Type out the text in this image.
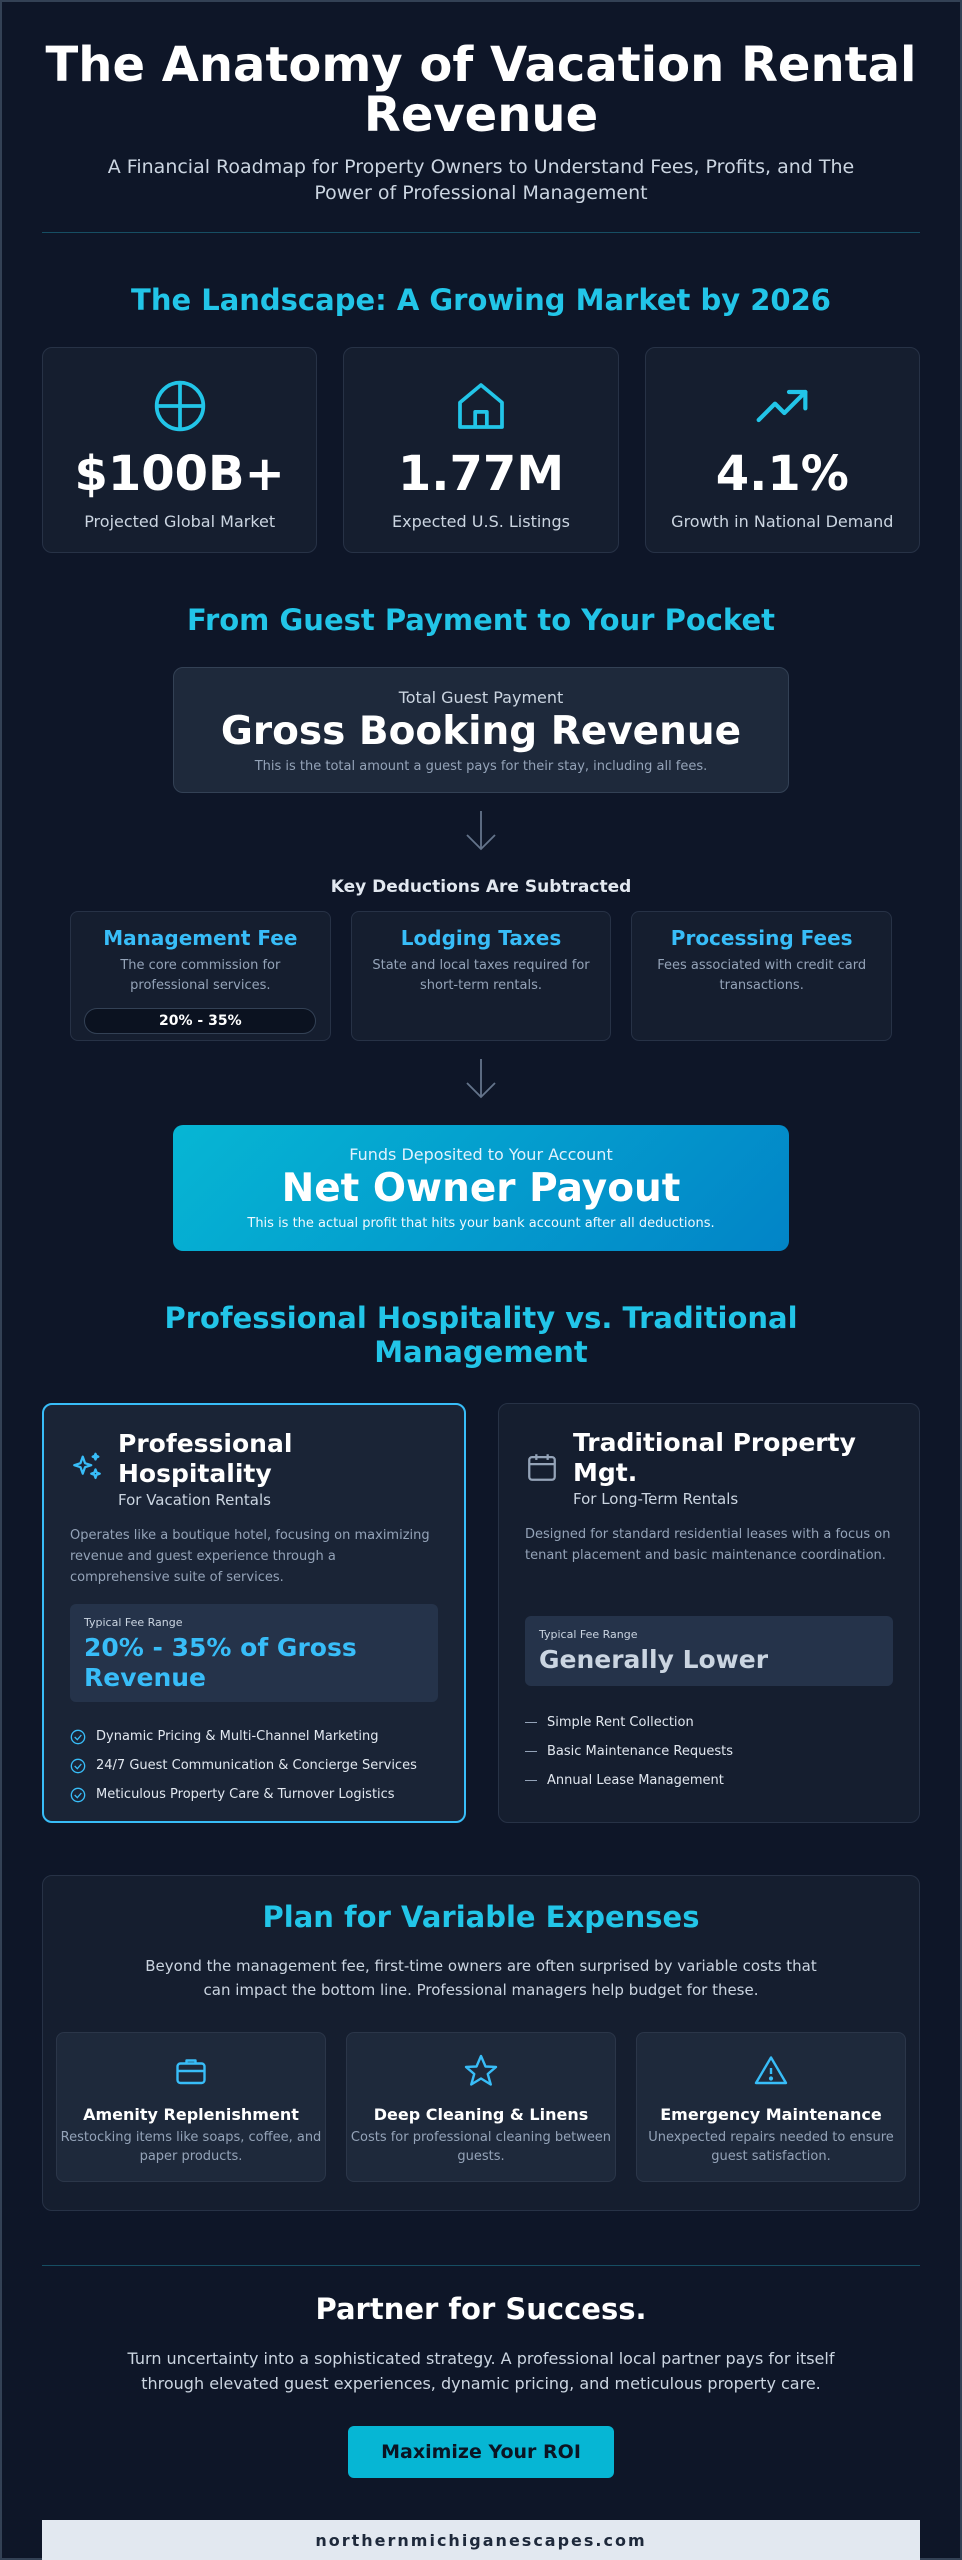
The Anatomy of Vacation Rental Revenue

A Financial Roadmap for Property Owners to Understand Fees, Profits, and The Power of Professional Management

The Landscape: A Growing Market by 2026
$100B+
Projected Global Market
1.77M
Expected U.S. Listings
4.1%
Growth in National Demand
From Guest Payment to Your Pocket
Total Guest Payment
Gross Booking Revenue
This is the total amount a guest pays for their stay, including all fees.
Key Deductions Are Subtracted
Management Fee
The core commission for professional services.
20% - 35%
Lodging Taxes
State and local taxes required for short-term rentals.
Processing Fees
Fees associated with credit card transactions.
Funds Deposited to Your Account
Net Owner Payout
This is the actual profit that hits your bank account after all deductions.
Professional Hospitality vs. Traditional Management
Professional Hospitality
For Vacation Rentals
Operates like a boutique hotel, focusing on maximizing revenue and guest experience through a comprehensive suite of services.
Typical Fee Range
20% - 35% of Gross Revenue
Dynamic Pricing & Multi-Channel Marketing
24/7 Guest Communication & Concierge Services
Meticulous Property Care & Turnover Logistics
Traditional Property Mgt.
For Long-Term Rentals
Designed for standard residential leases with a focus on tenant placement and basic maintenance coordination.
Typical Fee Range
Generally Lower
Simple Rent Collection
Basic Maintenance Requests
Annual Lease Management
Plan for Variable Expenses

Beyond the management fee, first-time owners are often surprised by variable costs that can impact the bottom line. Professional managers help budget for these.

Amenity Replenishment
Restocking items like soaps, coffee, and paper products.
Deep Cleaning & Linens
Costs for professional cleaning between guests.
Emergency Maintenance
Unexpected repairs needed to ensure guest satisfaction.
Partner for Success.

Turn uncertainty into a sophisticated strategy. A professional local partner pays for itself through elevated guest experiences, dynamic pricing, and meticulous property care.

Maximize Your ROI
northernmichiganescapes.com
